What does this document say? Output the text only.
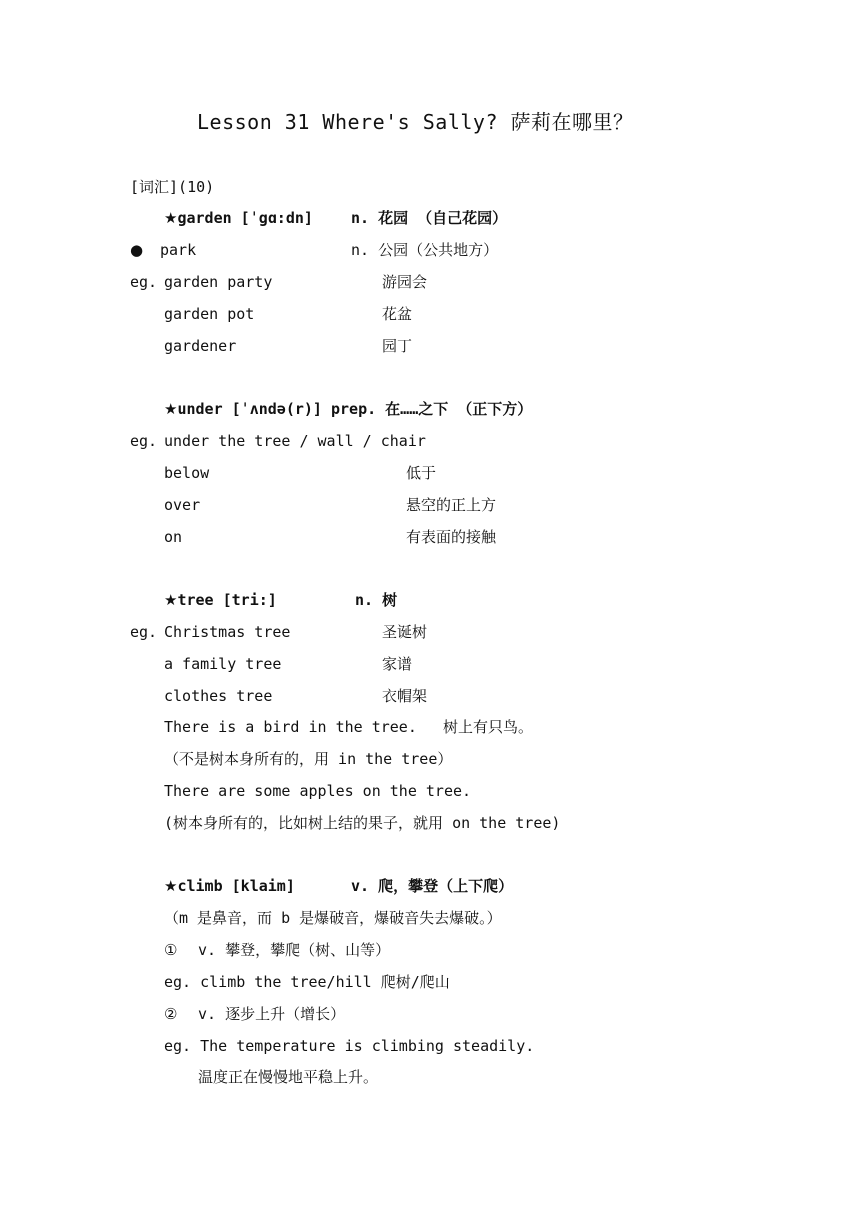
Lesson 31 Where's Sally? 萨莉在哪里？
[词汇](10)
★ garden [ˈgɑ:dn]	n. 花园 （自己花园）
● park	n. 公园（公共地方）
eg. garden party	游园会
garden pot	花盆
gardener	园丁
★ under [ˈʌndə(r)] prep. 在……之下 （正下方）
eg. under the tree / wall / chair
below	低于
over	悬空的正上方
on	有表面的接触
★ tree [tri:]	n. 树
eg. Christmas tree	圣诞树
a family tree	家谱
clothes tree	衣帽架
There is a bird in the tree. 树上有只鸟。
（不是树本身所有的，用 in the tree）
There are some apples on the tree.
(树本身所有的，比如树上结的果子，就用 on the tree)
★ climb [klaim]	v. 爬，攀登（上下爬）
（m 是鼻音，而 b 是爆破音，爆破音失去爆破。）
① v. 攀登，攀爬（树、山等）
eg. climb the tree/hill 爬树/爬山
② v. 逐步上升（增长）
eg. The temperature is climbing steadily.
温度正在慢慢地平稳上升。
